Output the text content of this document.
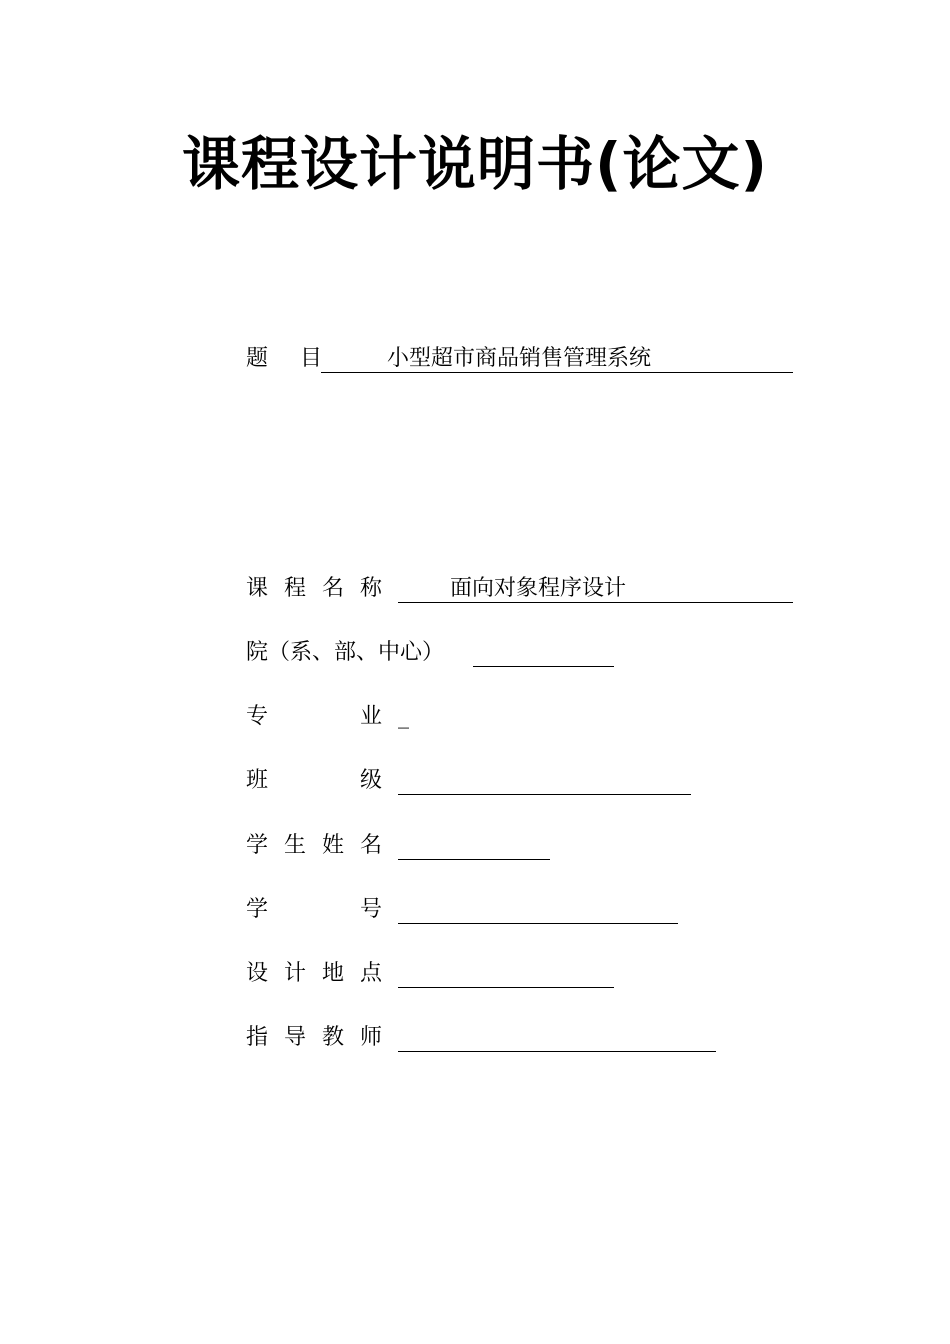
课程设计说明书(论文)
题 目	小型超市商品销售管理系统
课 程 名 称	面向对象程序设计
院（系、部、中心）
专	业 _
班	级
学 生 姓 名
学	号
设 计 地 点
指 导 教 师
